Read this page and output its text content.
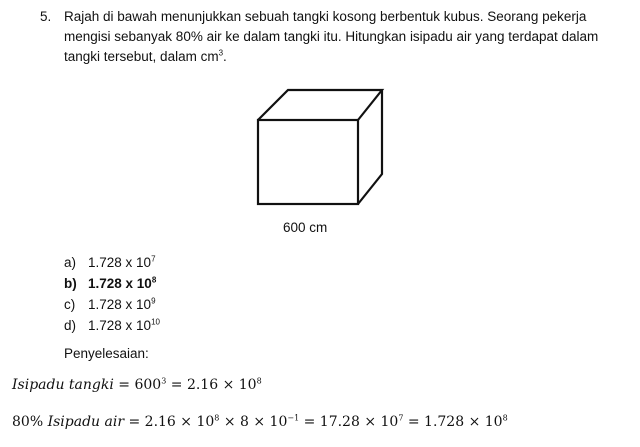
5. Rajah di bawah menunjukkan sebuah tangki kosong berbentuk kubus. Seorang pekerja mengisi sebanyak 80% air ke dalam tangki itu. Hitungkan isipadu air yang terdapat dalam tangki tersebut, dalam $cm^3$.
600 cm
a) 1.728 x $10^7$
b) 1.728 x $10^8$
c) 1.728 x $10^9$
d) 1.728 x $10^{10}$
Penyelesaian:
Isipadu tangki = $600^3 = 2.16 \times 10^8$
80% Isipadu air = $2.16 \times 10^8 \times 8 \times 10^{-1} = 17.28 \times 10^7 = 1.728 \times 10^8$
